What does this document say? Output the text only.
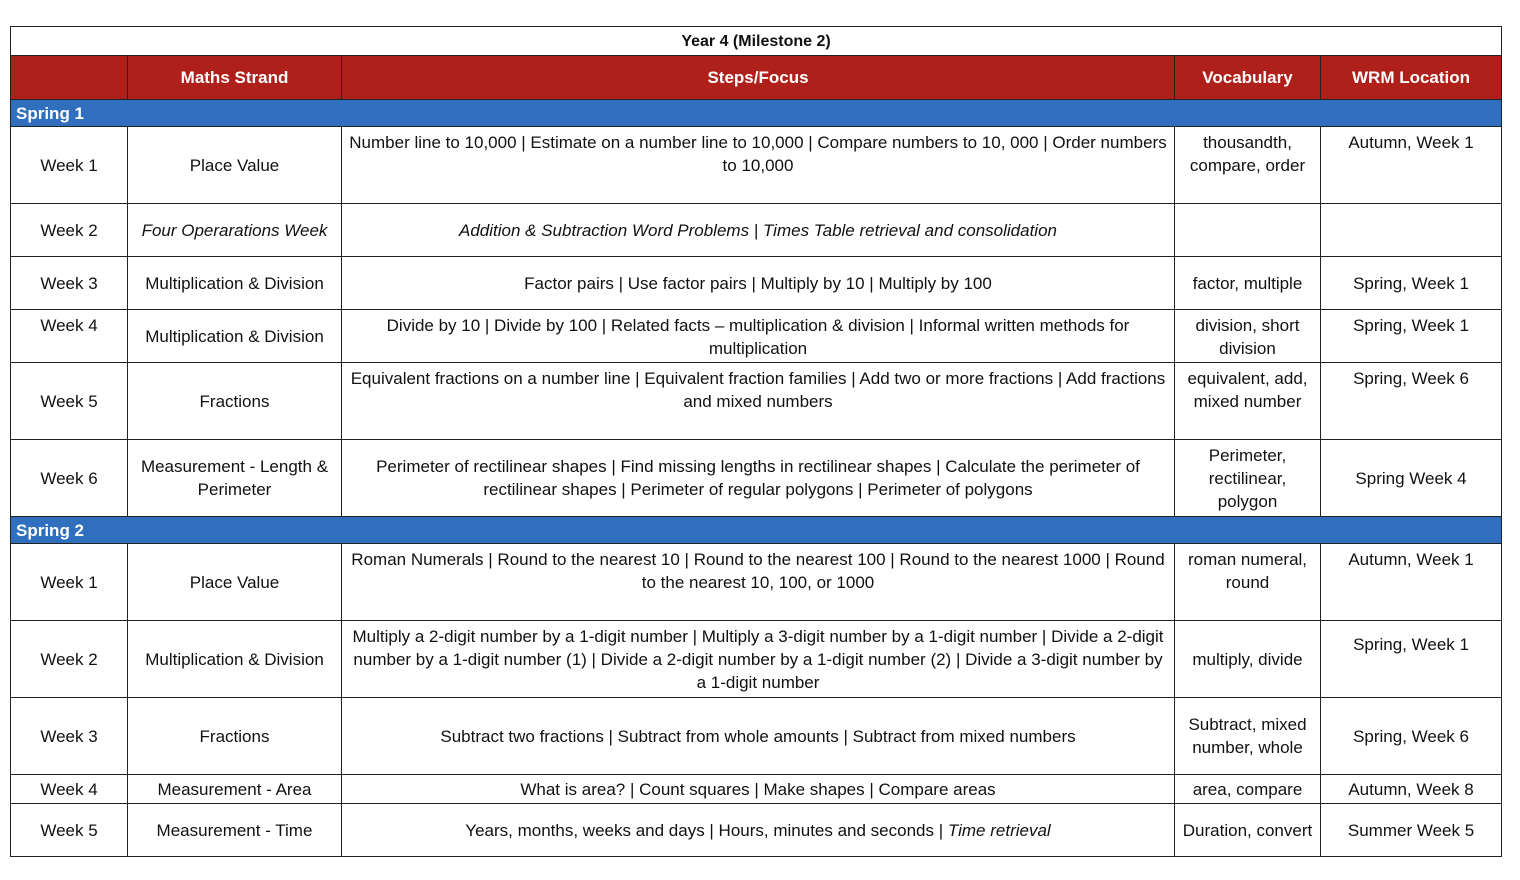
Year 4 (Milestone 2)				
	Maths Strand	Steps/Focus	Vocabulary	WRM Location
Spring 1				
Week 1	Place Value	Number line to 10,000 | Estimate on a number line to 10,000 | Compare numbers to 10, 000 | Order numbers to 10,000	thousandth, compare, order	Autumn, Week 1
Week 2	Four Operarations Week	Addition & Subtraction Word Problems | Times Table retrieval and consolidation		
Week 3	Multiplication & Division	Factor pairs | Use factor pairs | Multiply by 10 | Multiply by 100	factor, multiple	Spring, Week 1
Week 4	Multiplication & Division	Divide by 10 | Divide by 100 | Related facts – multiplication & division | Informal written methods for multiplication	division, short division	Spring, Week 1
Week 5	Fractions	Equivalent fractions on a number line | Equivalent fraction families | Add two or more fractions | Add fractions and mixed numbers	equivalent, add, mixed number	Spring, Week 6
Week 6	Measurement - Length & Perimeter	Perimeter of rectilinear shapes | Find missing lengths in rectilinear shapes | Calculate the perimeter of rectilinear shapes | Perimeter of regular polygons | Perimeter of polygons	Perimeter, rectilinear, polygon	Spring Week 4
Spring 2				
Week 1	Place Value	Roman Numerals | Round to the nearest 10 | Round to the nearest 100 | Round to the nearest 1000 | Round to the nearest 10, 100, or 1000	roman numeral, round	Autumn, Week 1
Week 2	Multiplication & Division	Multiply a 2-digit number by a 1-digit number | Multiply a 3-digit number by a 1-digit number | Divide a 2-digit number by a 1-digit number (1) | Divide a 2-digit number by a 1-digit number (2) | Divide a 3-digit number by a 1-digit number	multiply, divide	Spring, Week 1
Week 3	Fractions	Subtract two fractions | Subtract from whole amounts | Subtract from mixed numbers	Subtract, mixed number, whole	Spring, Week 6
Week 4	Measurement - Area	What is area? | Count squares | Make shapes | Compare areas	area, compare	Autumn, Week 8
Week 5	Measurement - Time	Years, months, weeks and days | Hours, minutes and seconds | Time retrieval	Duration, convert	Summer Week 5
